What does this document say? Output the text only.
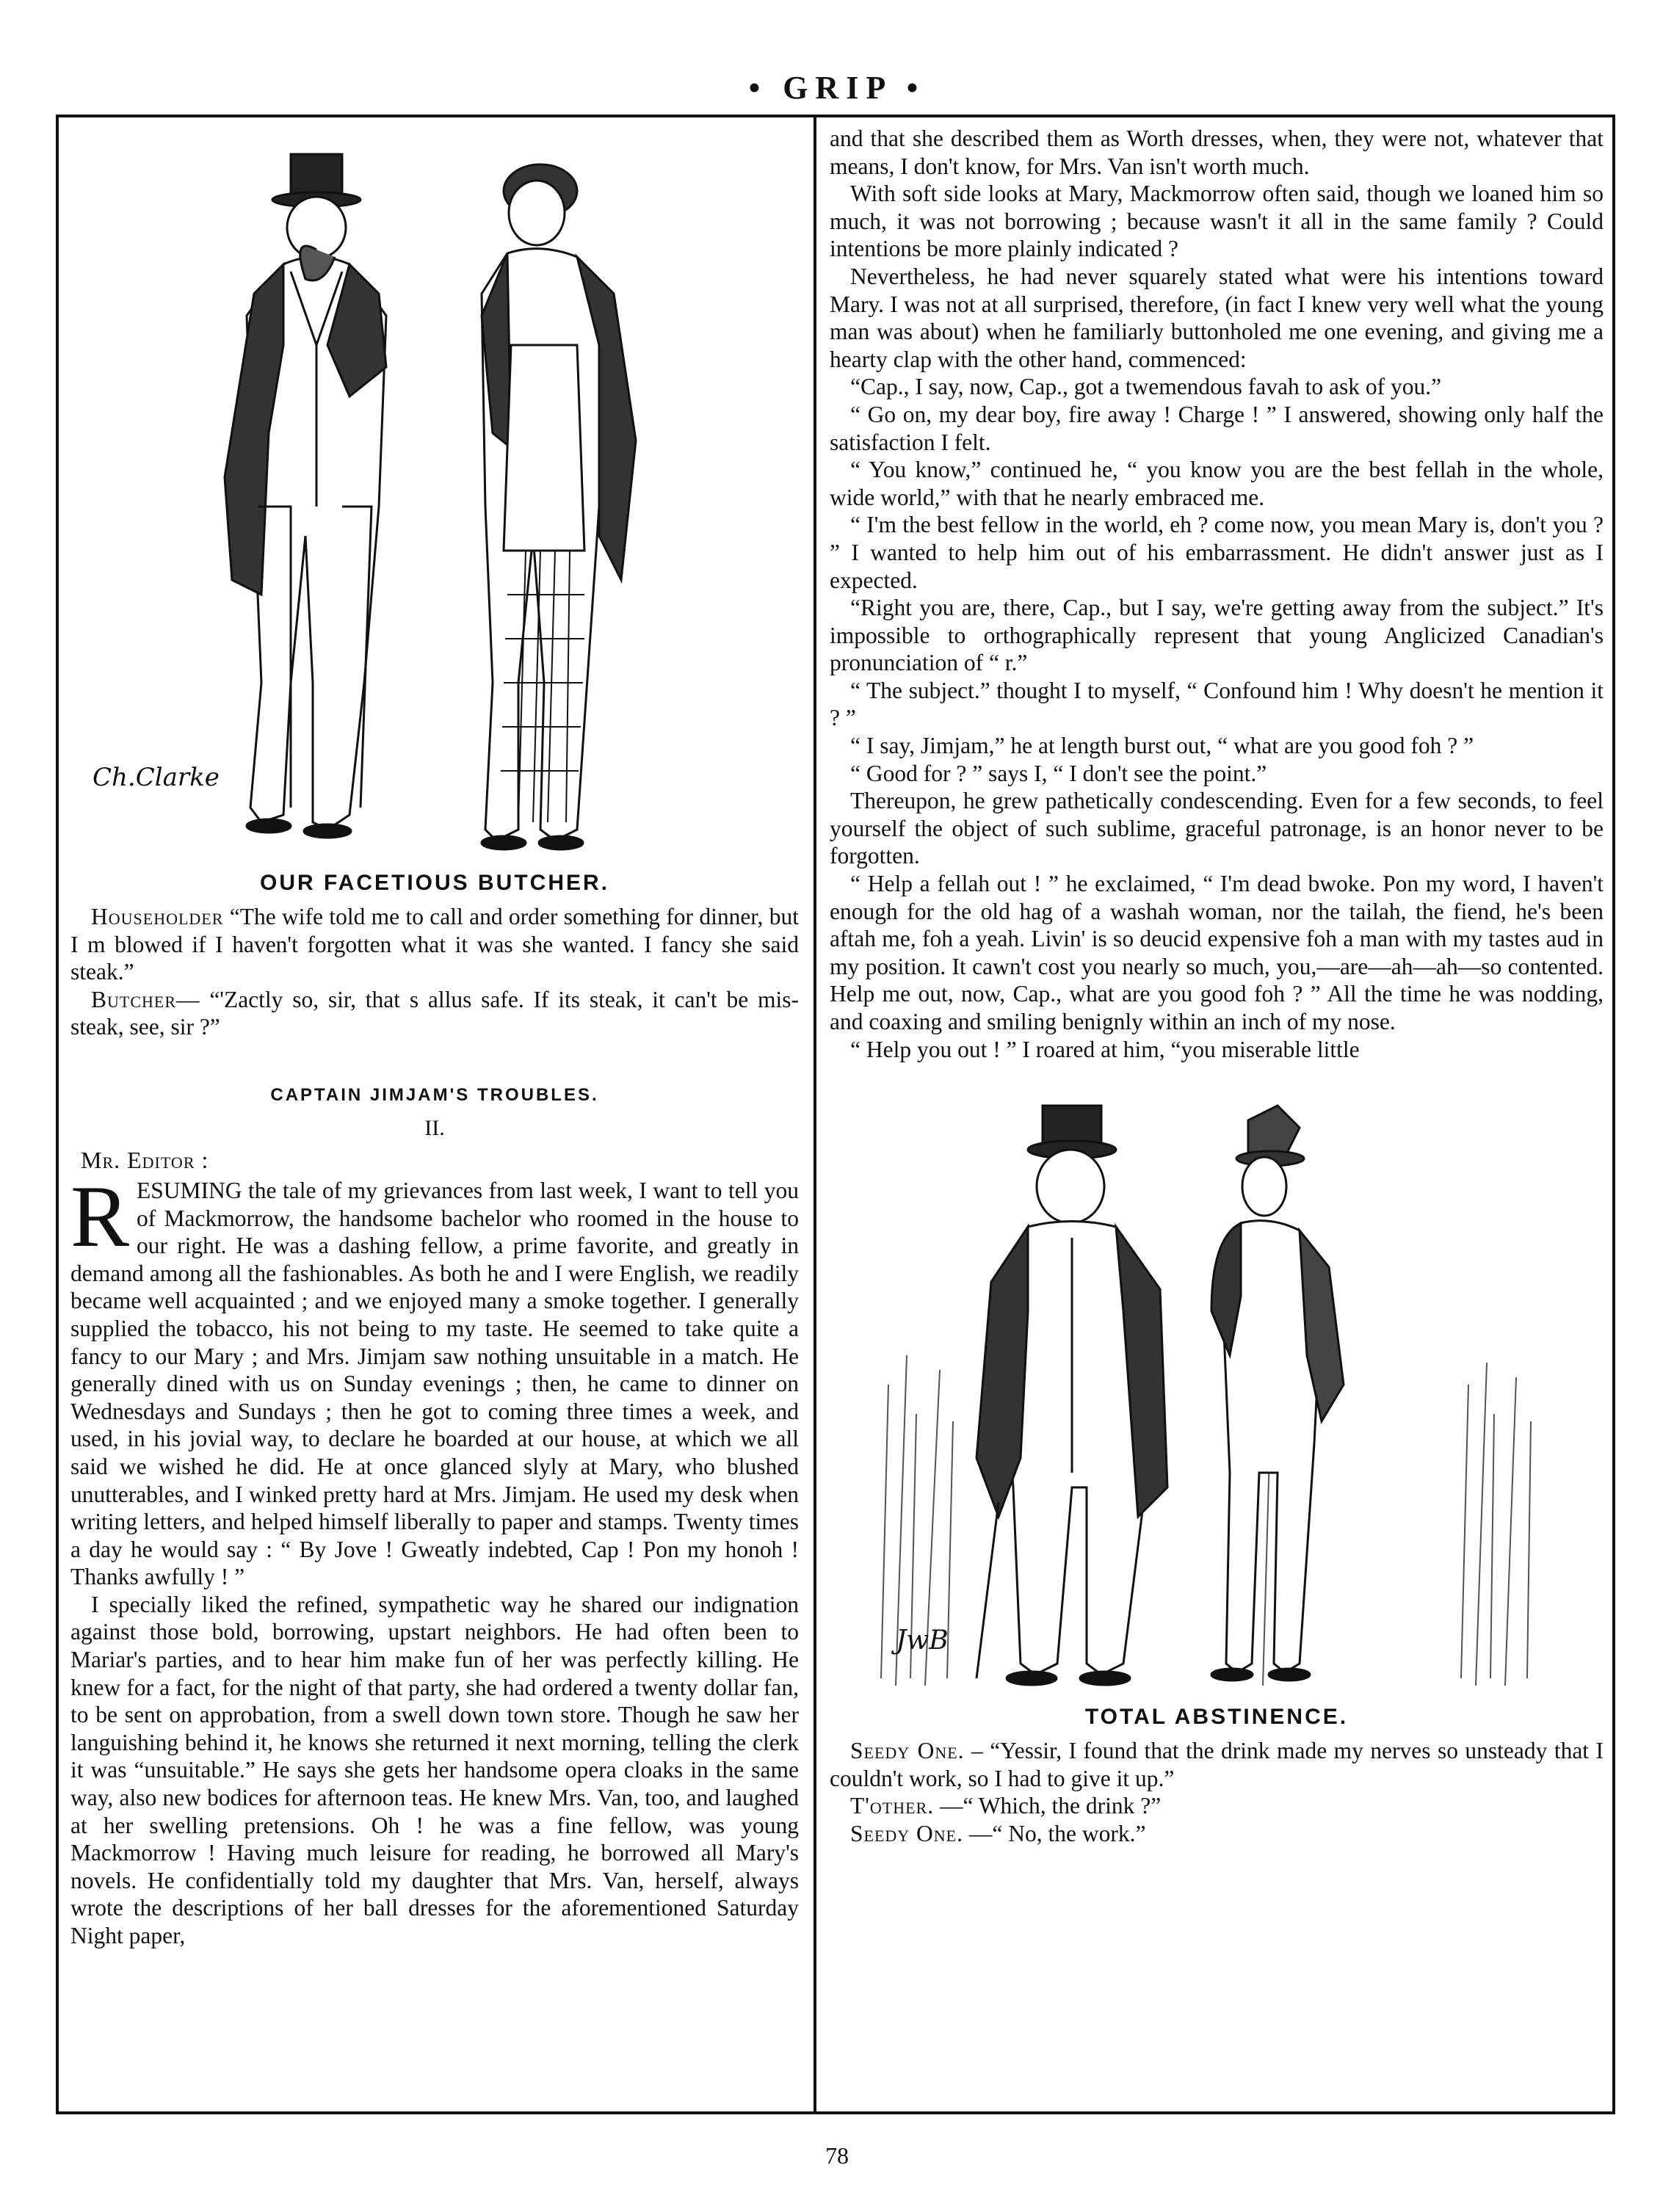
• GRIP •
Ch.Clarke
OUR FACETIOUS BUTCHER.

Householder “The wife told me to call and order something for dinner, but I m blowed if I haven't forgotten what it was she wanted. I fancy she said steak.”

Butcher— “'Zactly so, sir, that s allus safe. If its steak, it can't be mis-steak, see, sir ?”

CAPTAIN JIMJAM'S TROUBLES.
II.
Mr. Editor :

RESUMING the tale of my grievances from last week, I want to tell you of Mackmorrow, the handsome bachelor who roomed in the house to our right. He was a dashing fellow, a prime favorite, and greatly in demand among all the fashionables. As both he and I were English, we readily became well acquainted ; and we enjoyed many a smoke together. I generally supplied the tobacco, his not being to my taste. He seemed to take quite a fancy to our Mary ; and Mrs. Jimjam saw nothing unsuitable in a match. He generally dined with us on Sunday evenings ; then, he came to dinner on Wednesdays and Sundays ; then he got to coming three times a week, and used, in his jovial way, to declare he boarded at our house, at which we all said we wished he did. He at once glanced slyly at Mary, who blushed unutterables, and I winked pretty hard at Mrs. Jimjam. He used my desk when writing letters, and helped himself liberally to paper and stamps. Twenty times a day he would say : “ By Jove ! Gweatly indebted, Cap ! Pon my honoh ! Thanks awfully ! ”

I specially liked the refined, sympathetic way he shared our indignation against those bold, borrowing, upstart neighbors. He had often been to Mariar's parties, and to hear him make fun of her was perfectly killing. He knew for a fact, for the night of that party, she had ordered a twenty dollar fan, to be sent on approbation, from a swell down town store. Though he saw her languishing behind it, he knows she returned it next morning, telling the clerk it was “unsuitable.” He says she gets her handsome opera cloaks in the same way, also new bodices for afternoon teas. He knew Mrs. Van, too, and laughed at her swelling pretensions. Oh ! he was a fine fellow, was young Mackmorrow ! Having much leisure for reading, he borrowed all Mary's novels. He confidentially told my daughter that Mrs. Van, herself, always wrote the descriptions of her ball dresses for the aforementioned Saturday Night paper,

and that she described them as Worth dresses, when, they were not, whatever that means, I don't know, for Mrs. Van isn't worth much.

With soft side looks at Mary, Mackmorrow often said, though we loaned him so much, it was not borrowing ; because wasn't it all in the same family ? Could intentions be more plainly indicated ?

Nevertheless, he had never squarely stated what were his intentions toward Mary. I was not at all surprised, therefore, (in fact I knew very well what the young man was about) when he familiarly buttonholed me one evening, and giving me a hearty clap with the other hand, commenced:

“Cap., I say, now, Cap., got a twemendous favah to ask of you.”

“ Go on, my dear boy, fire away ! Charge ! ” I answered, showing only half the satisfaction I felt.

“ You know,” continued he, “ you know you are the best fellah in the whole, wide world,” with that he nearly embraced me.

“ I'm the best fellow in the world, eh ? come now, you mean Mary is, don't you ? ” I wanted to help him out of his embarrassment. He didn't answer just as I expected.

“Right you are, there, Cap., but I say, we're getting away from the subject.” It's impossible to orthographically represent that young Anglicized Canadian's pronunciation of “ r.”

“ The subject.” thought I to myself, “ Confound him ! Why doesn't he mention it ? ”

“ I say, Jimjam,” he at length burst out, “ what are you good foh ? ”

“ Good for ? ” says I, “ I don't see the point.”

Thereupon, he grew pathetically condescending. Even for a few seconds, to feel yourself the object of such sublime, graceful patronage, is an honor never to be forgotten.

“ Help a fellah out ! ” he exclaimed, “ I'm dead bwoke. Pon my word, I haven't enough for the old hag of a washah woman, nor the tailah, the fiend, he's been aftah me, foh a yeah. Livin' is so deucid expensive foh a man with my tastes aud in my position. It cawn't cost you nearly so much, you,—are—ah—ah—so contented. Help me out, now, Cap., what are you good foh ? ” All the time he was nodding, and coaxing and smiling benignly within an inch of my nose.

“ Help you out ! ” I roared at him, “you miserable little

JwB
TOTAL ABSTINENCE.

Seedy One. – “Yessir, I found that the drink made my nerves so unsteady that I couldn't work, so I had to give it up.”

T'other. —“ Which, the drink ?”

Seedy One. —“ No, the work.”

78
